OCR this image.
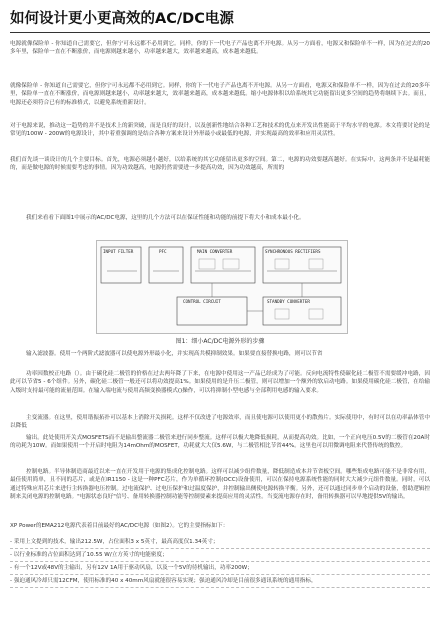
如何设计更小更高效的AC/DC电源
电源就像保险单 - 你知道自己需要它，但你宁可永远都不必用到它。同样，你的下一代电子产品也离不开电源。从另一方面看，电源又和保险单不一样，因为在过去的20多年里，保险单一直在不断涨价，而电源则越来越小，功率越来越大，效率越来越高，成本越来越低。
就像保险单 - 你知道自己需要它，但你宁可永远都不必用到它。同样，你的下一代电子产品也离不开电源。从另一方面看，电源又和保险单不一样，因为在过去的20多年里，保险单一直在不断涨价，而电源则越来越小，功率越来越大，效率越来越高，成本越来越低。缩小电源体积以给系统其它功能留出更多空间的趋势将继续下去。而且，电源还必须符合已有的标准格式，以避免系统重新设计。
对于电源来说，推动这一趋势的并不是技术上的新突破，而是良好的设计，以及创新性地结合各种工艺和技术的优点来开发出性能高于平均水平的电源。本文将要讨论的是常见的100W - 200W的电源设计，其中着重强调的是结合各种方案来设计外形最小或最低的电源，并实现最高的效率和应用灵活性。
我们首先谈一谈设计的几个主要目标。首先，电源必须越小越好，以给系统的其它功能留出更多的空间。第二，电源的功效要越高越好。在实际中，这两条并不是最耗能的，而是做电源的时候需要考虑的事情。因为功效越高，电源仍然需要进一步提高功效，因为功效越高，所需的
我们来看看下面图1中展示的AC/DC电源，这里的几个方法可以在保证性能和功能的前提下将大小和成本最小化。
INPUT FILTER	PFC	MAIN CONVERTER	SYNCHRONOUS RECTIFIERS
CONTROL CIRCUIT	STANDBY CONVERTER
图1：细小AC/DC电源外形的步骤
输入滤波器。使用一个两阶式滤波器可以使电源外形最小化，并实现高共模抑制效果。如果要直接替换电路，则可以节省
功率因数校正电路（）。由于碳化硅二极管的价格在过去两年降了下来，在电源中使用这一产品已经成为了可能。反向电流特性使碳化硅二极管不需要缓冲电路，因此可以节省5 - 6个组件。另外，碳化硅二极管一般还可以将功效提高1%。如果使用的是升压二极管，则可以增加一个额外的软启动电路。如果使用碳化硅二极管，在给输入级时支持最可能的流量范围。在输入端电流与使用高频变换器模式()操作，可以将抑制小型电感与全部利用电感的输入要求。
主变流器。在这里，使用谐振拓扑可以基本上消除开关损耗。这样不仅改进了电源效率，而且使电源可以使用更小的散热片。实际使用中，有时可以在功率晶体管中以降低
输出。此处使用开关式MOSFETS而不是输出整流器二极管来进行同步整流。这样可以极大地降低损耗，从而提高功效。比如，一个正向电压0.5V的二极管在20A时的功耗为10W。而如果使用一个开启时电阻为14mOhm的MOSFET，功耗就大大仅5.6W，与二极管相比节省44%。这里也可以用微调电阻来代替传统的数控。
控制电路。半导体制造商最近以来一直在开发用于电源的集成化控制电路。这样可以减少组件数量，降低制造成本并节省板空间。哪些集成电路可能不是非常有用，最佳使用简单，且不同的芯片，或是在IR1150 - 这是一种PFC芯片，作为单循环控制(OCC)设备使用，可以在保持电源系统性能的同时大大减少元组件数量。同时，可以通过特殊应用芯片来进行主转换器电压控制。过电流保护、过电压保护和过温度保护，并控制输出侧使电源转换平衡。另外，还可以通过同步单个启动的设备，借助逻辑控制来关闭电源的控制电路。"电源状态良好"信号、备用转换器控制功能等控制要素来提高应用的灵活性。当变流电源存在时，备用转换器可以早地提供5V的输出。
XP Power的EMA212电源代表着目前最好的AC/DC电源（如图2）。它的主要指标如下：
- 采用上文提到的技术，输出212.5W，占位面积3 x 5英寸，最高高度仅1.34英寸；
- 以行业标准的占位面积达到了10.55 W/立方英寸的电能密度；
- 有一个12V或48V的主输出，另有12V 1A用于驱动风扇，以及一个5V的待机输出，功率200W；
- 强迫通风冷却只需12CFM，使用标准的40 x 40mm风扇就能很容易实现；强迫通风冷却是目前很多通讯系统的通用指标，
